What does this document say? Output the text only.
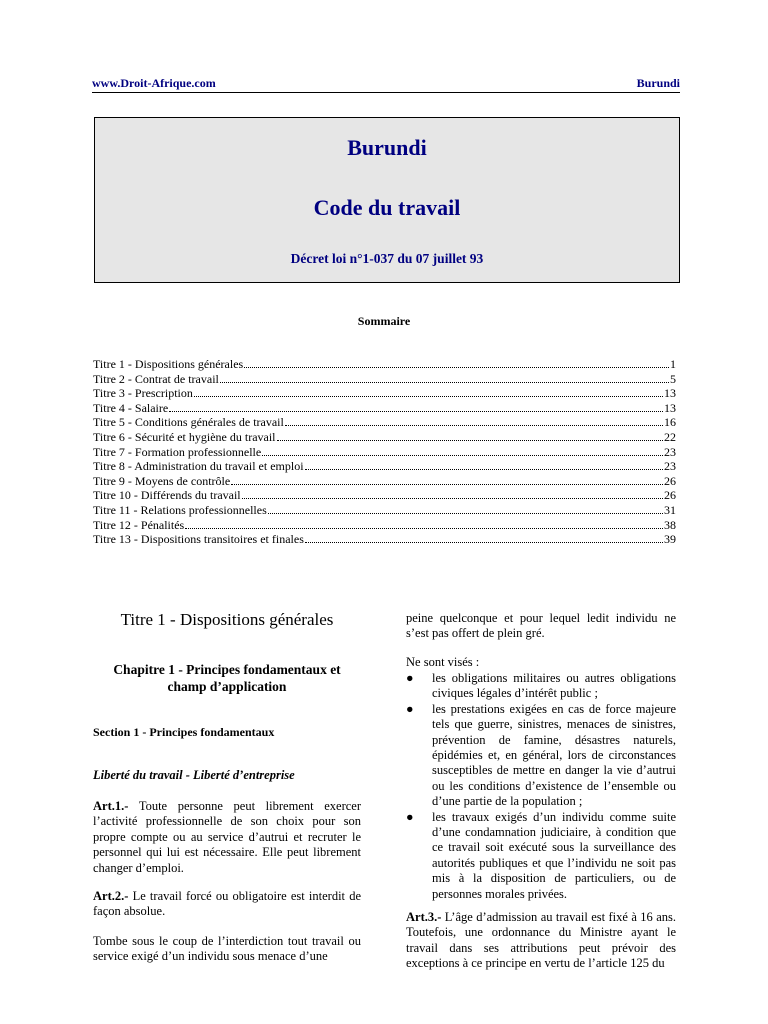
www.Droit-Afrique.com	Burundi
Burundi
Code du travail
Décret loi n°1-037 du 07 juillet 93
Sommaire
Titre 1 - Dispositions générales	1
Titre 2 - Contrat de travail	5
Titre 3 - Prescription	13
Titre 4 - Salaire	13
Titre 5 - Conditions générales de travail	16
Titre 6 - Sécurité et hygiène du travail	22
Titre 7 - Formation professionnelle	23
Titre 8 - Administration du travail et emploi	23
Titre 9 - Moyens de contrôle	26
Titre 10 - Différends du travail	26
Titre 11 - Relations professionnelles	31
Titre 12 - Pénalités	38
Titre 13 - Dispositions transitoires et finales	39
Titre 1 - Dispositions générales
Chapitre 1 - Principes fondamentaux et champ d’application
Section 1 - Principes fondamentaux
Liberté du travail - Liberté d’entreprise
Art.1.- Toute personne peut librement exercer l’activité professionnelle de son choix pour son propre compte ou au service d’autrui et recruter le personnel qui lui est nécessaire. Elle peut librement changer d’emploi.
Art.2.- Le travail forcé ou obligatoire est interdit de façon absolue.
Tombe sous le coup de l’interdiction tout travail ou service exigé d’un individu sous menace d’une
peine quelconque et pour lequel ledit individu ne s’est pas offert de plein gré.
Ne sont visés :
● les obligations militaires ou autres obligations civiques légales d’intérêt public ;
● les prestations exigées en cas de force majeure tels que guerre, sinistres, menaces de sinistres, prévention de famine, désastres naturels, épidémies et, en général, lors de circonstances susceptibles de mettre en danger la vie d’autrui ou les conditions d’existence de l’ensemble ou d’une partie de la population ;
● les travaux exigés d’un individu comme suite d’une condamnation judiciaire, à condition que ce travail soit exécuté sous la surveillance des autorités publiques et que l’individu ne soit pas mis à la disposition de particuliers, ou de personnes morales privées.
Art.3.- L’âge d’admission au travail est fixé à 16 ans. Toutefois, une ordonnance du Ministre ayant le travail dans ses attributions peut prévoir des exceptions à ce principe en vertu de l’article 125 du
